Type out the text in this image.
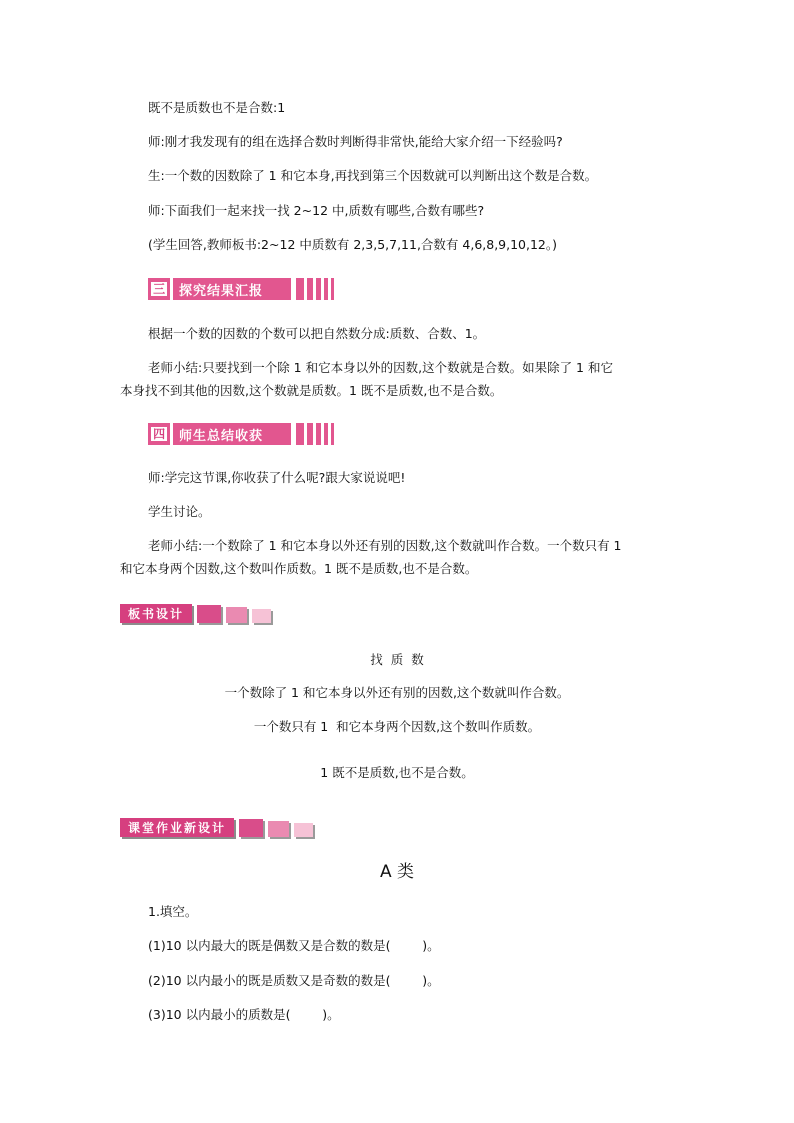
既不是质数也不是合数:1
师:刚才我发现有的组在选择合数时判断得非常快,能给大家介绍一下经验吗?
生:一个数的因数除了 1 和它本身,再找到第三个因数就可以判断出这个数是合数。
师:下面我们一起来找一找 2~12 中,质数有哪些,合数有哪些?
(学生回答,教师板书:2~12 中质数有 2,3,5,7,11,合数有 4,6,8,9,10,12。)
三	探究结果汇报
根据一个数的因数的个数可以把自然数分成:质数、合数、1。
老师小结:只要找到一个除 1 和它本身以外的因数,这个数就是合数。如果除了 1 和它
本身找不到其他的因数,这个数就是质数。1 既不是质数,也不是合数。
四	师生总结收获
师:学完这节课,你收获了什么呢?跟大家说说吧!
学生讨论。
老师小结:一个数除了 1 和它本身以外还有别的因数,这个数就叫作合数。一个数只有 1
和它本身两个因数,这个数叫作质数。1 既不是质数,也不是合数。
板书设计
找  质  数
一个数除了 1 和它本身以外还有别的因数,这个数就叫作合数。
一个数只有 1  和它本身两个因数,这个数叫作质数。
1 既不是质数,也不是合数。
课堂作业新设计
A 类
1.填空。
(1)10 以内最大的既是偶数又是合数的数是(        )。
(2)10 以内最小的既是质数又是奇数的数是(        )。
(3)10 以内最小的质数是(        )。
